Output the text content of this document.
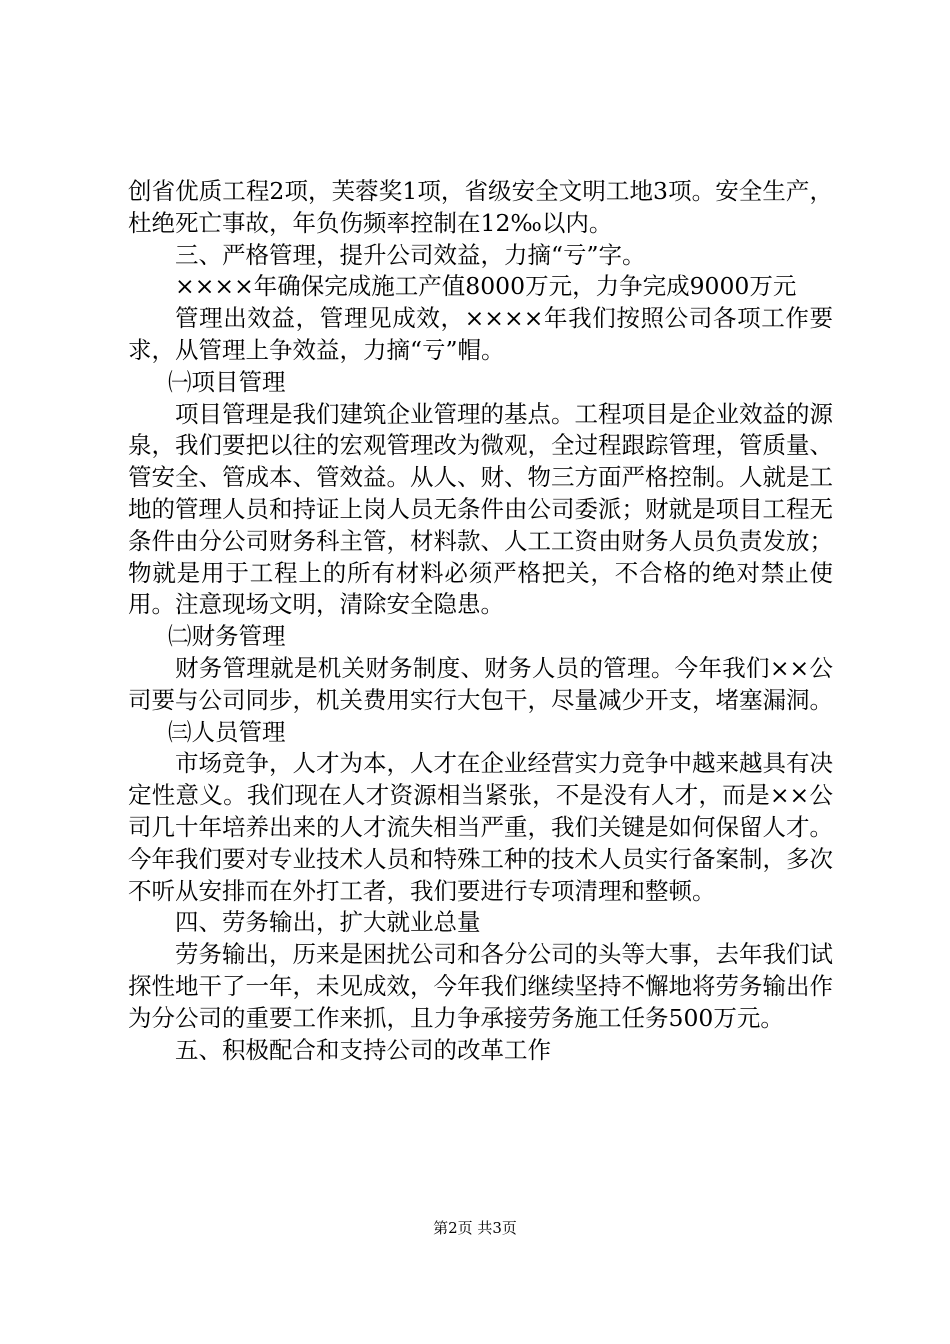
创省优质工程2项，芙蓉奖1项，省级安全文明工地3项。安全生产，杜绝死亡事故，年负伤频率控制在12‰以内。

三、严格管理，提升公司效益，力摘“亏”字。

××××年确保完成施工产值8000万元，力争完成9000万元

管理出效益，管理见成效，××××年我们按照公司各项工作要求，从管理上争效益，力摘“亏”帽。

㈠项目管理

项目管理是我们建筑企业管理的基点。工程项目是企业效益的源泉，我们要把以往的宏观管理改为微观，全过程跟踪管理，管质量、管安全、管成本、管效益。从人、财、物三方面严格控制。人就是工地的管理人员和持证上岗人员无条件由公司委派；财就是项目工程无条件由分公司财务科主管，材料款、人工工资由财务人员负责发放；物就是用于工程上的所有材料必须严格把关，不合格的绝对禁止使用。注意现场文明，清除安全隐患。

㈡财务管理

财务管理就是机关财务制度、财务人员的管理。今年我们××公司要与公司同步，机关费用实行大包干，尽量减少开支，堵塞漏洞。

㈢人员管理

市场竞争，人才为本，人才在企业经营实力竞争中越来越具有决定性意义。我们现在人才资源相当紧张，不是没有人才，而是××公司几十年培养出来的人才流失相当严重，我们关键是如何保留人才。今年我们要对专业技术人员和特殊工种的技术人员实行备案制，多次不听从安排而在外打工者，我们要进行专项清理和整顿。

四、劳务输出，扩大就业总量

劳务输出，历来是困扰公司和各分公司的头等大事，去年我们试探性地干了一年，未见成效，今年我们继续坚持不懈地将劳务输出作为分公司的重要工作来抓，且力争承接劳务施工任务500万元。

五、积极配合和支持公司的改革工作

第2页 共3页
